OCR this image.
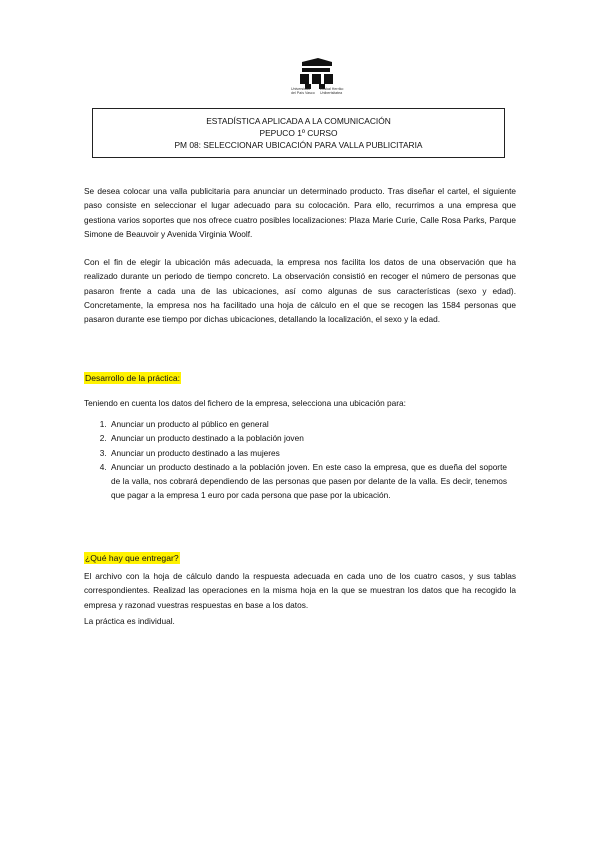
Universidad
del País Vasco
Euskal Herriko
Unibertsitatea
ESTADÍSTICA APLICADA A LA COMUNICACIÓN
PEPUCO 1º CURSO
PM 08: SELECCIONAR UBICACIÓN PARA VALLA PUBLICITARIA

Se desea colocar una valla publicitaria para anunciar un determinado producto. Tras diseñar el cartel, el siguiente paso consiste en seleccionar el lugar adecuado para su colocación. Para ello, recurrimos a una empresa que gestiona varios soportes que nos ofrece cuatro posibles localizaciones: Plaza Marie Curie, Calle Rosa Parks, Parque Simone de Beauvoir y Avenida Virginia Woolf.

Con el fin de elegir la ubicación más adecuada, la empresa nos facilita los datos de una observación que ha realizado durante un periodo de tiempo concreto. La observación consistió en recoger el número de personas que pasaron frente a cada una de las ubicaciones, así como algunas de sus características (sexo y edad). Concretamente, la empresa nos ha facilitado una hoja de cálculo en el que se recogen las 1584 personas que pasaron durante ese tiempo por dichas ubicaciones, detallando la localización, el sexo y la edad.

Desarrollo de la práctica:

Teniendo en cuenta los datos del fichero de la empresa, selecciona una ubicación para:

1. Anunciar un producto al público en general
2. Anunciar un producto destinado a la población joven
3. Anunciar un producto destinado a las mujeres
4. Anunciar un producto destinado a la población joven. En este caso la empresa, que es dueña del soporte de la valla, nos cobrará dependiendo de las personas que pasen por delante de la valla. Es decir, tenemos que pagar a la empresa 1 euro por cada persona que pase por la ubicación.
¿Qué hay que entregar?

El archivo con la hoja de cálculo dando la respuesta adecuada en cada uno de los cuatro casos, y sus tablas correspondientes. Realizad las operaciones en la misma hoja en la que se muestran los datos que ha recogido la empresa y razonad vuestras respuestas en base a los datos.

La práctica es individual.
